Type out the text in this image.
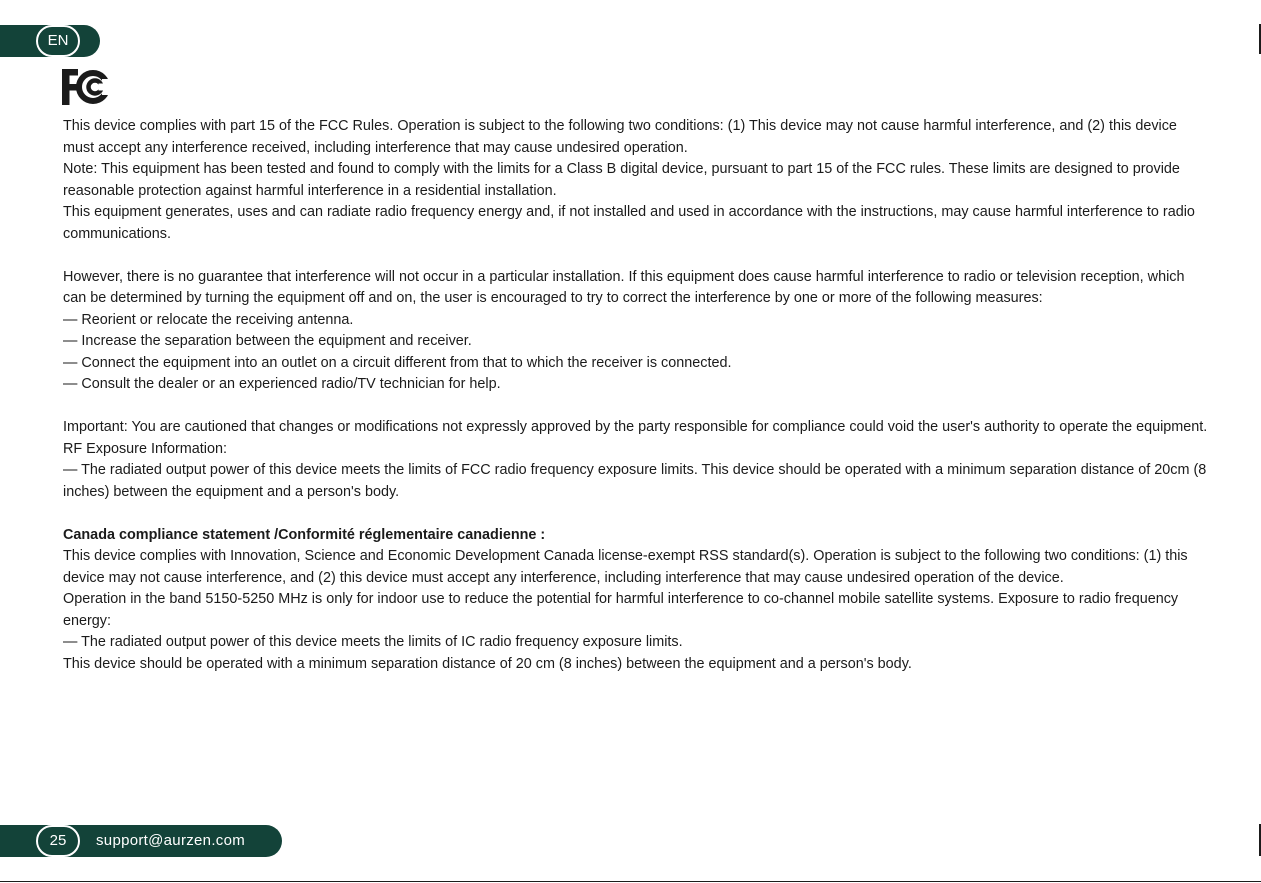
EN

This device complies with part 15 of the FCC Rules. Operation is subject to the following two conditions: (1) This device may not cause harmful interference, and (2) this device must accept any interference received, including interference that may cause undesired operation.

Note: This equipment has been tested and found to comply with the limits for a Class B digital device, pursuant to part 15 of the FCC rules. These limits are designed to provide reasonable protection against harmful interference in a residential installation.

This equipment generates, uses and can radiate radio frequency energy and, if not installed and used in accordance with the instructions, may cause harmful interference to radio communications.

However, there is no guarantee that interference will not occur in a particular installation. If this equipment does cause harmful interference to radio or television reception, which can be determined by turning the equipment off and on, the user is encouraged to try to correct the interference by one or more of the following measures:

— Reorient or relocate the receiving antenna.

— Increase the separation between the equipment and receiver.

— Connect the equipment into an outlet on a circuit different from that to which the receiver is connected.

— Consult the dealer or an experienced radio/TV technician for help.

Important: You are cautioned that changes or modifications not expressly approved by the party responsible for compliance could void the user's authority to operate the equipment.

RF Exposure Information:

— The radiated output power of this device meets the limits of FCC radio frequency exposure limits. This device should be operated with a minimum separation distance of 20cm (8 inches) between the equipment and a person's body.

Canada compliance statement /Conformité réglementaire canadienne :

This device complies with Innovation, Science and Economic Development Canada license-exempt RSS standard(s). Operation is subject to the following two conditions: (1) this device may not cause interference, and (2) this device must accept any interference, including interference that may cause undesired operation of the device.

Operation in the band 5150-5250 MHz is only for indoor use to reduce the potential for harmful interference to co-channel mobile satellite systems. Exposure to radio frequency energy:

— The radiated output power of this device meets the limits of IC radio frequency exposure limits.

This device should be operated with a minimum separation distance of 20 cm (8 inches) between the equipment and a person's body.

25	support@aurzen.com
